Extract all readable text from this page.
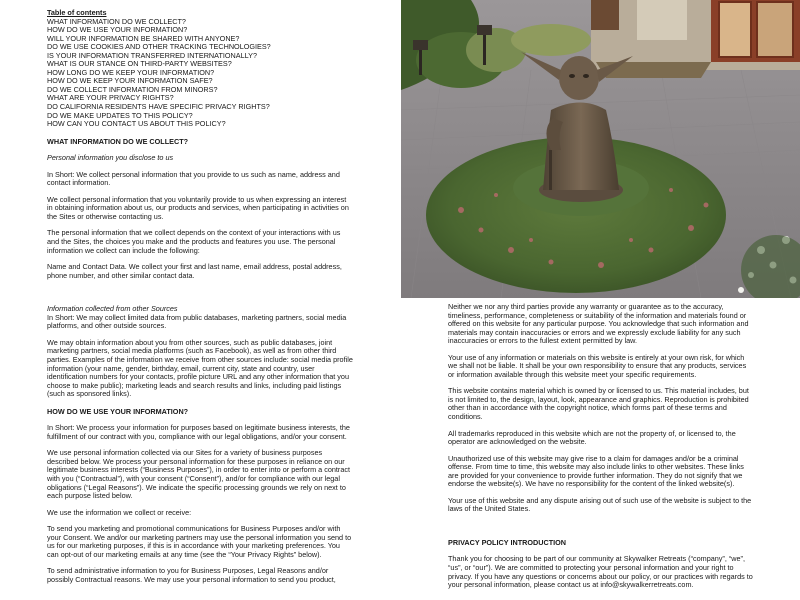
Table of contents

WHAT INFORMATION DO WE COLLECT?
HOW DO WE USE YOUR INFORMATION?
WILL YOUR INFORMATION BE SHARED WITH ANYONE?
DO WE USE COOKIES AND OTHER TRACKING TECHNOLOGIES?
IS YOUR INFORMATION TRANSFERRED INTERNATIONALLY?
WHAT IS OUR STANCE ON THIRD-PARTY WEBSITES?
HOW LONG DO WE KEEP YOUR INFORMATION?
HOW DO WE KEEP YOUR INFORMATION SAFE?
DO WE COLLECT INFORMATION FROM MINORS?
WHAT ARE YOUR PRIVACY RIGHTS?
DO CALIFORNIA RESIDENTS HAVE SPECIFIC PRIVACY RIGHTS?
DO WE MAKE UPDATES TO THIS POLICY?
HOW CAN YOU CONTACT US ABOUT THIS POLICY?

WHAT INFORMATION DO WE COLLECT?

Personal information you disclose to us

In Short: We collect personal information that you provide to us such as name, address and contact information.

We collect personal information that you voluntarily provide to us when expressing an interest in obtaining information about us, our products and services, when participating in activities on the Sites or otherwise contacting us.

The personal information that we collect depends on the context of your interactions with us and the Sites, the choices you make and the products and features you use. The personal information we collect can include the following:

Name and Contact Data. We collect your first and last name, email address, postal address, phone number, and other similar contact data.

Information collected from other Sources

In Short: We may collect limited data from public databases, marketing partners, social media platforms, and other outside sources.

We may obtain information about you from other sources, such as public databases, joint marketing partners, social media platforms (such as Facebook), as well as from other third parties. Examples of the information we receive from other sources include: social media profile information (your name, gender, birthday, email, current city, state and country, user identification numbers for your contacts, profile picture URL and any other information that you choose to make public); marketing leads and search results and links, including paid listings (such as sponsored links).

HOW DO WE USE YOUR INFORMATION?

In Short: We process your information for purposes based on legitimate business interests, the fulfillment of our contract with you, compliance with our legal obligations, and/or your consent.

We use personal information collected via our Sites for a variety of business purposes described below. We process your personal information for these purposes in reliance on our legitimate business interests (“Business Purposes”), in order to enter into or perform a contract with you (“Contractual”), with your consent (“Consent”), and/or for compliance with our legal obligations (“Legal Reasons”). We indicate the specific processing grounds we rely on next to each purpose listed below.

We use the information we collect or receive:

To send you marketing and promotional communications for Business Purposes and/or with your Consent. We and/or our marketing partners may use the personal information you send to us for our marketing purposes, if this is in accordance with your marketing preferences. You can opt-out of our marketing emails at any time (see the “Your Privacy Rights” below).

To send administrative information to you for Business Purposes, Legal Reasons and/or possibly Contractual reasons. We may use your personal information to send you product,

Neither we nor any third parties provide any warranty or guarantee as to the accuracy, timeliness, performance, completeness or suitability of the information and materials found or offered on this website for any particular purpose. You acknowledge that such information and materials may contain inaccuracies or errors and we expressly exclude liability for any such inaccuracies or errors to the fullest extent permitted by law.

Your use of any information or materials on this website is entirely at your own risk, for which we shall not be liable. It shall be your own responsibility to ensure that any products, services or information available through this website meet your specific requirements.

This website contains material which is owned by or licensed to us. This material includes, but is not limited to, the design, layout, look, appearance and graphics. Reproduction is prohibited other than in accordance with the copyright notice, which forms part of these terms and conditions.

All trademarks reproduced in this website which are not the property of, or licensed to, the operator are acknowledged on the website.

Unauthorized use of this website may give rise to a claim for damages and/or be a criminal offense. From time to time, this website may also include links to other websites. These links are provided for your convenience to provide further information. They do not signify that we endorse the website(s). We have no responsibility for the content of the linked website(s).

Your use of this website and any dispute arising out of such use of the website is subject to the laws of the United States.

PRIVACY POLICY INTRODUCTION

Thank you for choosing to be part of our community at Skywalker Retreats (“company”, “we”, “us”, or “our”). We are committed to protecting your personal information and your right to privacy. If you have any questions or concerns about our policy, or our practices with regards to your personal information, please contact us at info@skywalkerretreats.com.
